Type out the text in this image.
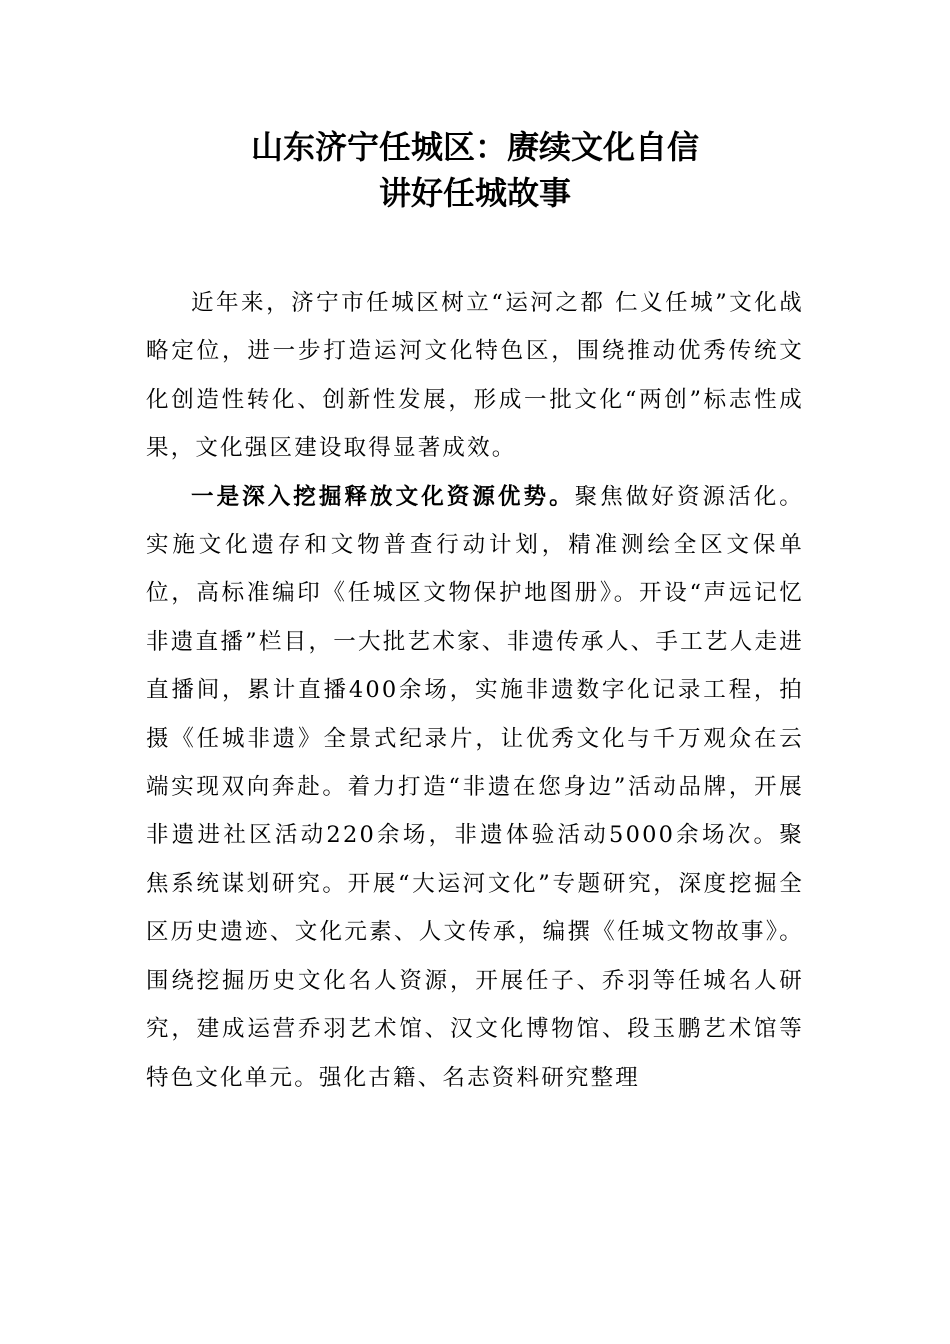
山东济宁任城区：赓续文化自信
讲好任城故事

近年来，济宁市任城区树立“运河之都 仁义任城”文化战略定位，进一步打造运河文化特色区，围绕推动优秀传统文化创造性转化、创新性发展，形成一批文化“两创”标志性成果，文化强区建设取得显著成效。

一是深入挖掘释放文化资源优势。聚焦做好资源活化。实施文化遗存和文物普查行动计划，精准测绘全区文保单位，高标准编印《任城区文物保护地图册》。开设“声远记忆 非遗直播”栏目，一大批艺术家、非遗传承人、手工艺人走进直播间，累计直播400余场，实施非遗数字化记录工程，拍摄《任城非遗》全景式纪录片，让优秀文化与千万观众在云端实现双向奔赴。着力打造“非遗在您身边”活动品牌，开展非遗进社区活动220余场，非遗体验活动5000余场次。聚焦系统谋划研究。开展“大运河文化”专题研究，深度挖掘全区历史遗迹、文化元素、人文传承，编撰《任城文物故事》。围绕挖掘历史文化名人资源，开展任子、乔羽等任城名人研究，建成运营乔羽艺术馆、汉文化博物馆、段玉鹏艺术馆等特色文化单元。强化古籍、名志资料研究整理
